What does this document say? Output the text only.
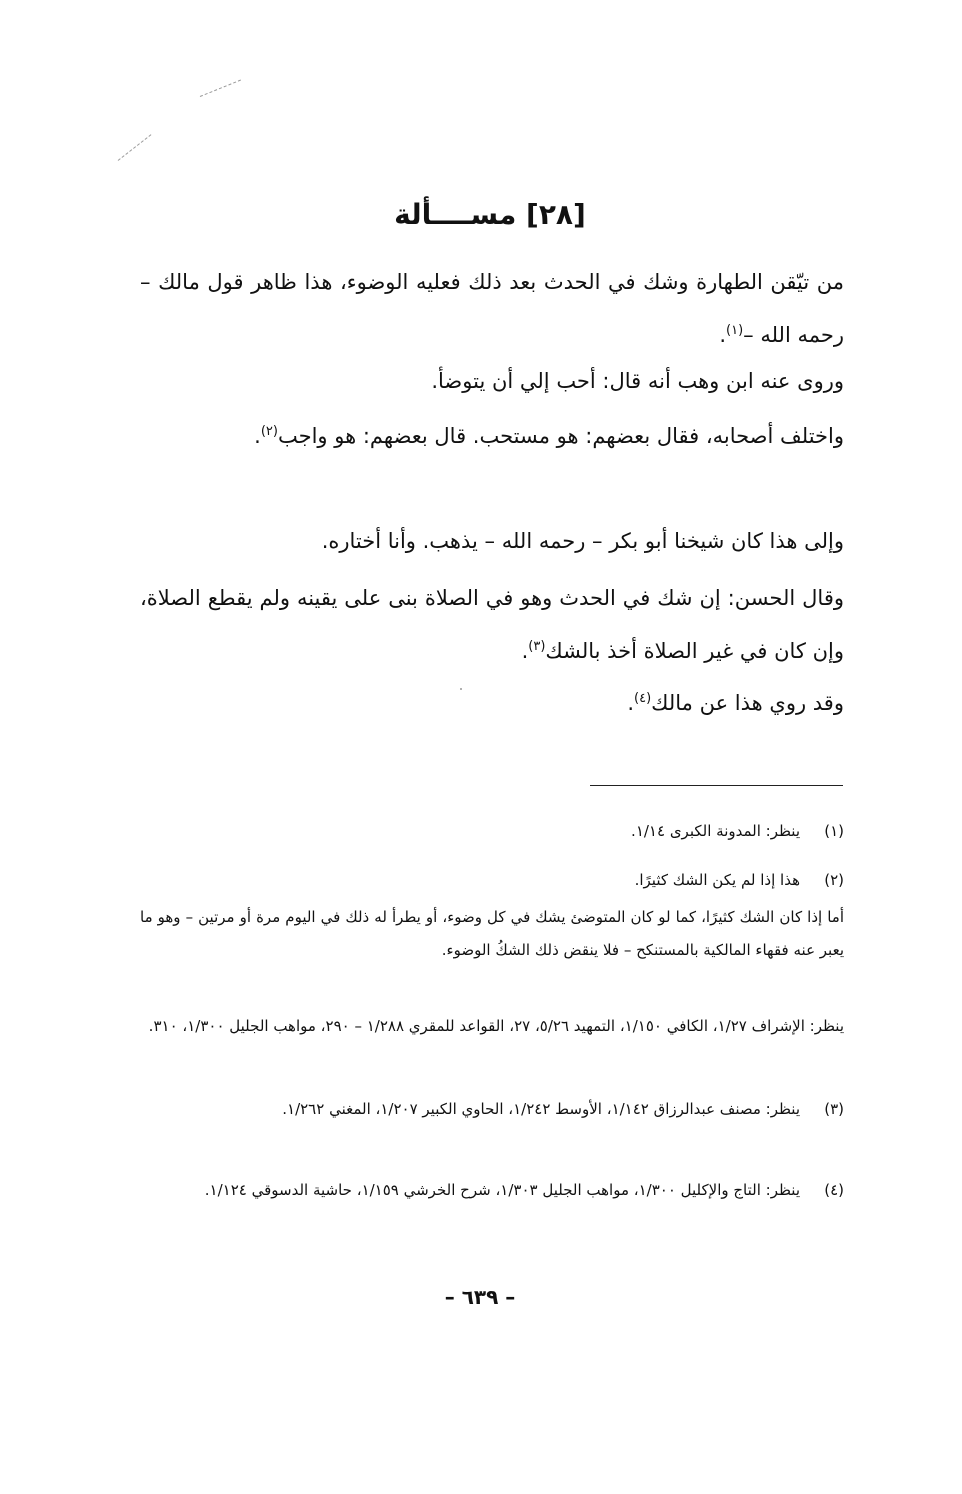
[٢٨] مســــألة

من تيّقن الطهارة وشك في الحدث بعد ذلك فعليه الوضوء، هذا ظاهر قول مالك – رحمه الله –$^{(١)}$.

وروى عنه ابن وهب أنه قال: أحب إلي أن يتوضأ.

واختلف أصحابه، فقال بعضهم: هو مستحب. قال بعضهم: هو واجب$^{(٢)}$.

وإلى هذا كان شيخنا أبو بكر – رحمه الله – يذهب. وأنا أختاره.

وقال الحسن: إن شك في الحدث وهو في الصلاة بنى على يقينه ولم يقطع الصلاة، وإن كان في غير الصلاة أخذ بالشك$^{(٣)}$.

وقد روي هذا عن مالك$^{(٤)}$.

(١)
ينظر: المدونة الكبرى ١/١٤.
(٢)
هذا إذا لم يكن الشك كثيرًا.
أما إذا كان الشك كثيرًا، كما لو كان المتوضئ يشك في كل وضوء، أو يطرأ له ذلك في اليوم مرة أو مرتين – وهو ما يعبر عنه فقهاء المالكية بالمستنكح – فلا ينقض ذلك الشكُ الوضوء.
ينظر: الإشراف ١/٢٧، الكافي ١/١٥٠، التمهيد ٥/٢٦، ٢٧، القواعد للمقري ١/٢٨٨ – ٢٩٠، مواهب الجليل ١/٣٠٠، ٣١٠.
(٣)
ينظر: مصنف عبدالرزاق ١/١٤٢، الأوسط ١/٢٤٢، الحاوي الكبير ١/٢٠٧، المغني ١/٢٦٢.
(٤)
ينظر: التاج والإكليل ١/٣٠٠، مواهب الجليل ١/٣٠٣، شرح الخرشي ١/١٥٩، حاشية الدسوقي ١/١٢٤.
– ٦٣٩ –
